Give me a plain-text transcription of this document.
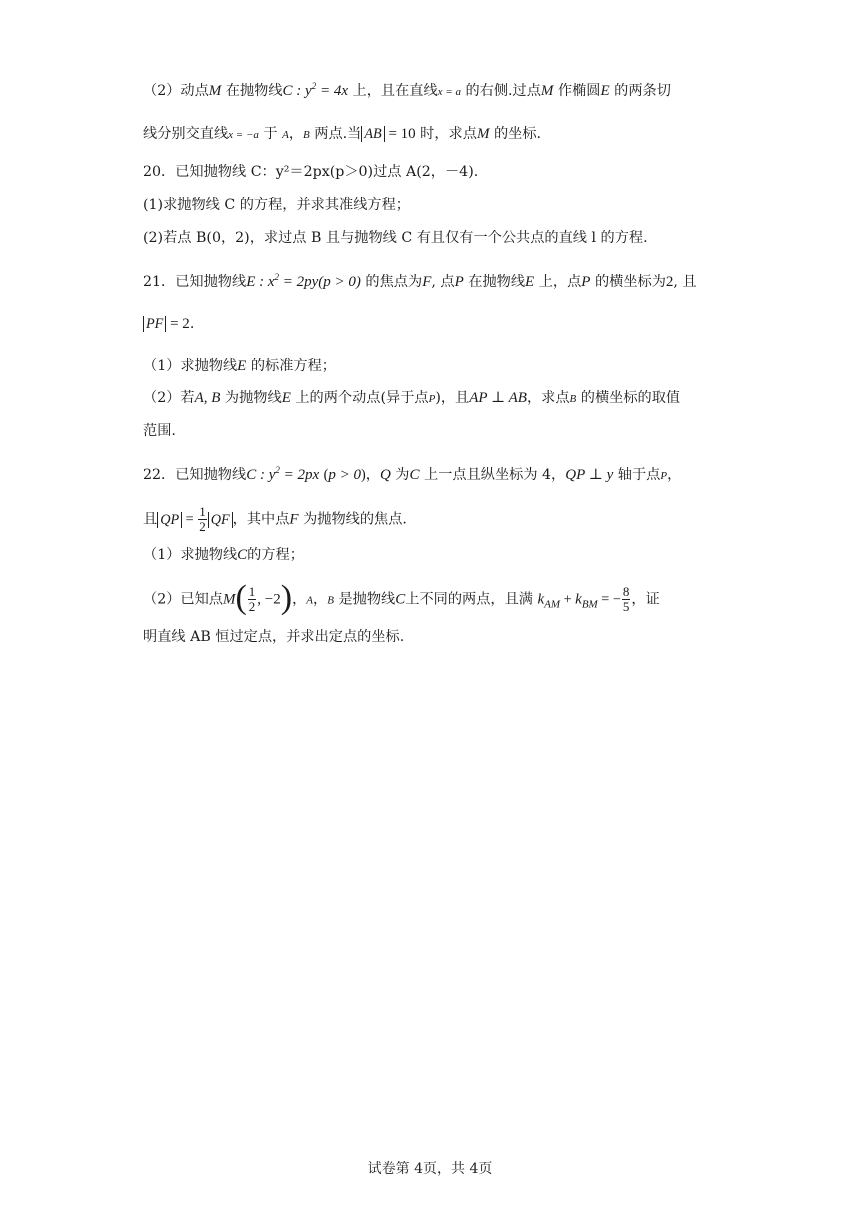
（2）动点M 在抛物线C : $y^2 = 4x$ 上，且在直线x = a 的右侧.过点M 作椭圆E 的两条切
线分别交直线x = −a 于 A，B 两点.当 AB = 10 时，求点M 的坐标.
20．已知抛物线 C：y²＝2px(p＞0)过点 A(2，－4).
(1)求抛物线 C 的方程，并求其准线方程；
(2)若点 B(0，2)，求过点 B 且与抛物线 C 有且仅有一个公共点的直线 l 的方程.
21．已知抛物线E : $x^2 = 2py(p > 0)$ 的焦点为F, 点P 在抛物线E 上，点P 的横坐标为2, 且
PF = 2.
（1）求抛物线E 的标准方程；
（2）若A, B 为抛物线E 上的两个动点(异于点P)，且AP ⊥ AB，求点B 的横坐标的取值
范围.
22．已知抛物线C : $y^2 = 2px$ (p > 0)，Q 为C 上一点且纵坐标为 4，QP ⊥ y 轴于点P，
且 QP = $\frac{1}{2}$ QF ，其中点F 为抛物线的焦点.
（1）求抛物线C的方程；
（2）已知点$M( \frac{1}{2}$ , −2)，A，B 是抛物线C上不同的两点，且满 $k_{AM} + k_{BM}$ = − $\frac{8}{5}$ ，证
明直线 AB 恒过定点，并求出定点的坐标.
试卷第 4页，共 4页
